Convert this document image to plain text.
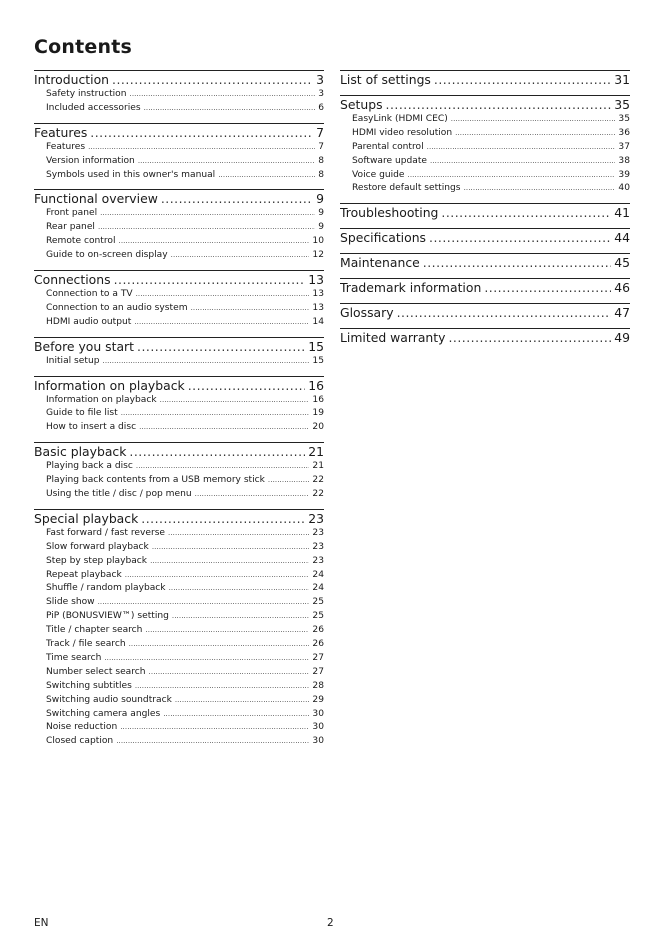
Contents
Introduction .....	3
Safety instruction .....	3
Included accessories .....	6
Features .....	7
Features .....	7
Version information .....	8
Symbols used in this owner's manual .....	8
Functional overview .....	9
Front panel .....	9
Rear panel .....	9
Remote control .....	10
Guide to on-screen display .....	12
Connections .....	13
Connection to a TV .....	13
Connection to an audio system .....	13
HDMI audio output .....	14
Before you start .....	15
Initial setup .....	15
Information on playback .....	16
Information on playback .....	16
Guide to file list .....	19
How to insert a disc .....	20
Basic playback .....	21
Playing back a disc .....	21
Playing back contents from a USB memory stick .....	22
Using the title / disc / pop menu .....	22
Special playback .....	23
Fast forward / fast reverse .....	23
Slow forward playback .....	23
Step by step playback .....	23
Repeat playback .....	24
Shuffle / random playback .....	24
Slide show .....	25
PiP (BONUSVIEW™) setting .....	25
Title / chapter search .....	26
Track / file search .....	26
Time search .....	27
Number select search .....	27
Switching subtitles .....	28
Switching audio soundtrack .....	29
Switching camera angles .....	30
Noise reduction .....	30
Closed caption .....	30
List of settings .....	31
Setups .....	35
EasyLink (HDMI CEC) .....	35
HDMI video resolution .....	36
Parental control .....	37
Software update .....	38
Voice guide .....	39
Restore default settings .....	40
Troubleshooting .....	41
Specifications .....	44
Maintenance .....	45
Trademark information .....	46
Glossary .....	47
Limited warranty .....	49
EN	2
